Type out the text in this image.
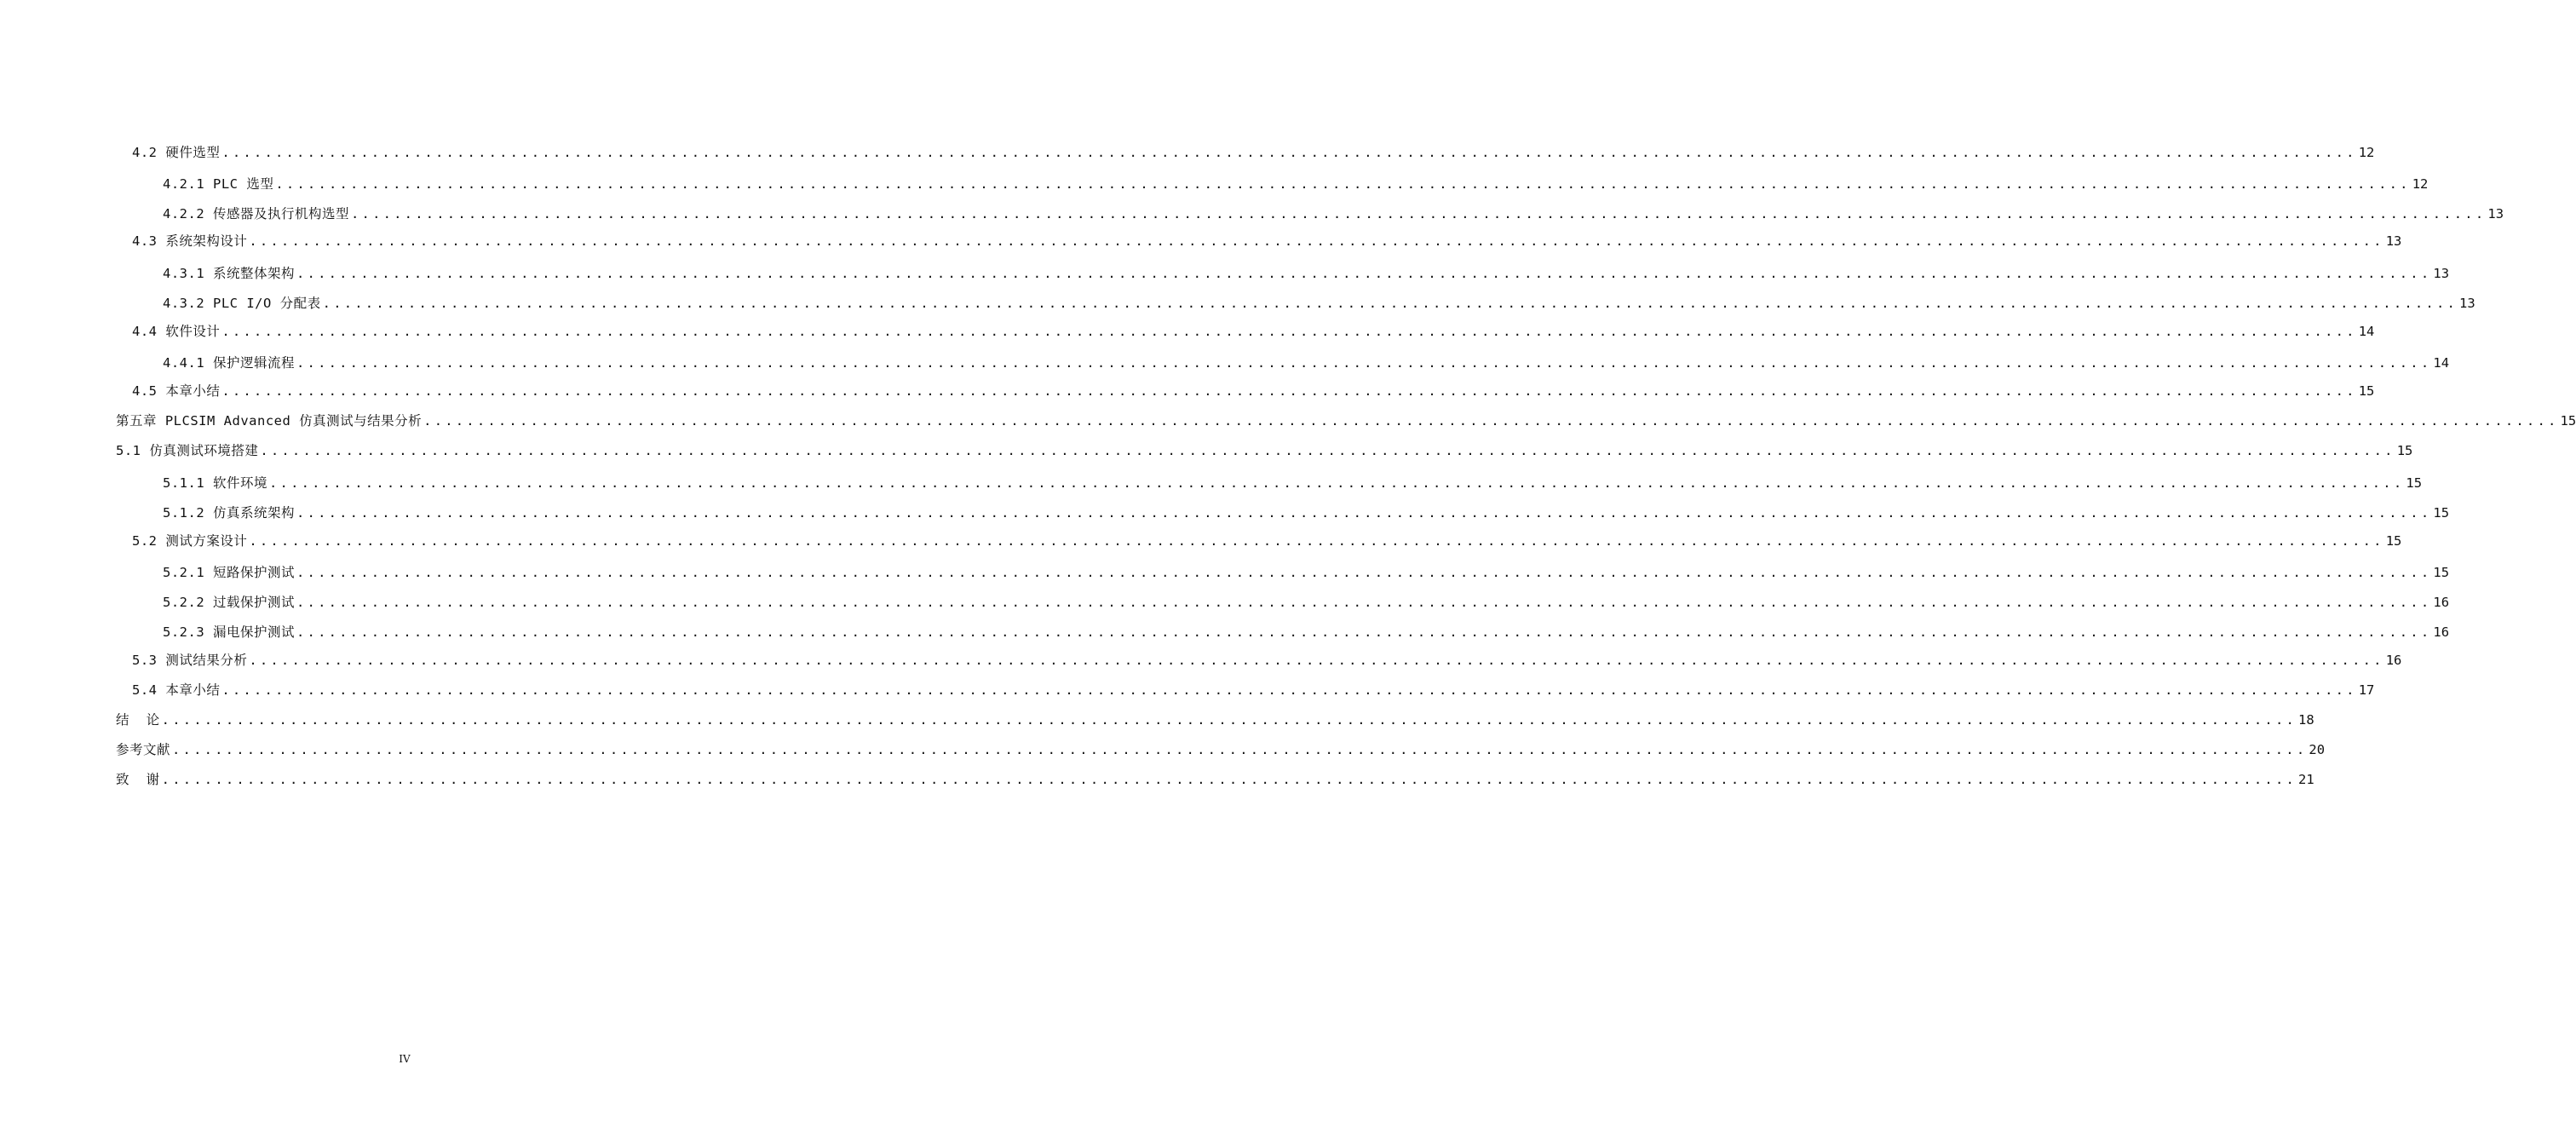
4.2 硬件选型 ........................................................................................................................................................................................................ 12
4.2.1 PLC 选型 ........................................................................................................................................................................................................ 12
4.2.2 传感器及执行机构选型 ........................................................................................................................................................................................................ 13
4.3 系统架构设计 ........................................................................................................................................................................................................ 13
4.3.1 系统整体架构 ........................................................................................................................................................................................................ 13
4.3.2 PLC I/O 分配表 ........................................................................................................................................................................................................ 13
4.4 软件设计 ........................................................................................................................................................................................................ 14
4.4.1 保护逻辑流程 ........................................................................................................................................................................................................ 14
4.5 本章小结 ........................................................................................................................................................................................................ 15
第五章 PLCSIM Advanced 仿真测试与结果分析 ........................................................................................................................................................................................................ 15
5.1 仿真测试环境搭建 ........................................................................................................................................................................................................ 15
5.1.1 软件环境 ........................................................................................................................................................................................................ 15
5.1.2 仿真系统架构 ........................................................................................................................................................................................................ 15
5.2 测试方案设计 ........................................................................................................................................................................................................ 15
5.2.1 短路保护测试 ........................................................................................................................................................................................................ 15
5.2.2 过载保护测试 ........................................................................................................................................................................................................ 16
5.2.3 漏电保护测试 ........................................................................................................................................................................................................ 16
5.3 测试结果分析 ........................................................................................................................................................................................................ 16
5.4 本章小结 ........................................................................................................................................................................................................ 17
结  论 ........................................................................................................................................................................................................ 18
参考文献 ........................................................................................................................................................................................................ 20
致  谢 ........................................................................................................................................................................................................ 21
IV
